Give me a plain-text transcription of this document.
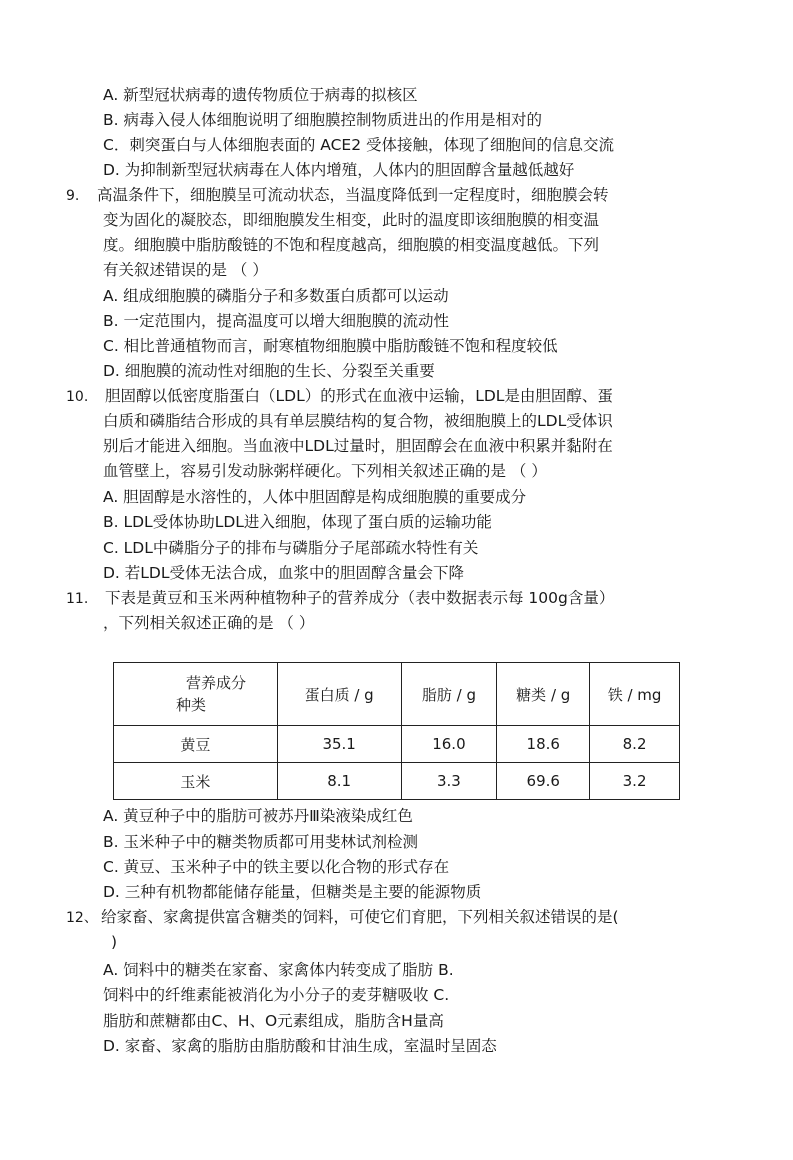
A. 新型冠状病毒的遗传物质位于病毒的拟核区
B. 病毒入侵人体细胞说明了细胞膜控制物质进出的作用是相对的
C．刺突蛋白与人体细胞表面的 ACE2 受体接触，体现了细胞间的信息交流
D. 为抑制新型冠状病毒在人体内增殖，人体内的胆固醇含量越低越好
9. 高温条件下，细胞膜呈可流动状态，当温度降低到一定程度时，细胞膜会转
变为固化的凝胶态，即细胞膜发生相变，此时的温度即该细胞膜的相变温
度。细胞膜中脂肪酸链的不饱和程度越高，细胞膜的相变温度越低。下列
有关叙述错误的是 （ ）
A. 组成细胞膜的磷脂分子和多数蛋白质都可以运动
B. 一定范围内，提高温度可以增大细胞膜的流动性
C. 相比普通植物而言，耐寒植物细胞膜中脂肪酸链不饱和程度较低
D. 细胞膜的流动性对细胞的生长、分裂至关重要
10. 胆固醇以低密度脂蛋白（LDL）的形式在血液中运输，LDL是由胆固醇、蛋
白质和磷脂结合形成的具有单层膜结构的复合物，被细胞膜上的LDL受体识
别后才能进入细胞。当血液中LDL过量时，胆固醇会在血液中积累并黏附在
血管壁上，容易引发动脉粥样硬化。下列相关叙述正确的是 （ ）
A. 胆固醇是水溶性的，人体中胆固醇是构成细胞膜的重要成分
B. LDL受体协助LDL进入细胞，体现了蛋白质的运输功能
C. LDL中磷脂分子的排布与磷脂分子尾部疏水特性有关
D. 若LDL受体无法合成，血浆中的胆固醇含量会下降
11. 下表是黄豆和玉米两种植物种子的营养成分（表中数据表示每 100g含量）
，下列相关叙述正确的是 （ ）
营养成分
种类	蛋白质 / g	脂肪 / g	糖类 / g	铁 / mg
黄豆	35.1	16.0	18.6	8.2
玉米	8.1	3.3	69.6	3.2
A. 黄豆种子中的脂肪可被苏丹Ⅲ染液染成红色
B. 玉米种子中的糖类物质都可用斐林试剂检测
C. 黄豆、玉米种子中的铁主要以化合物的形式存在
D. 三种有机物都能储存能量，但糖类是主要的能源物质
12、 给家畜、家禽提供富含糖类的饲料，可使它们育肥，下列相关叙述错误的是(
)
A. 饲料中的糖类在家畜、家禽体内转变成了脂肪 B.
饲料中的纤维素能被消化为小分子的麦芽糖吸收 C.
脂肪和蔗糖都由C、H、O元素组成，脂肪含H量高
D. 家畜、家禽的脂肪由脂肪酸和甘油生成，室温时呈固态
